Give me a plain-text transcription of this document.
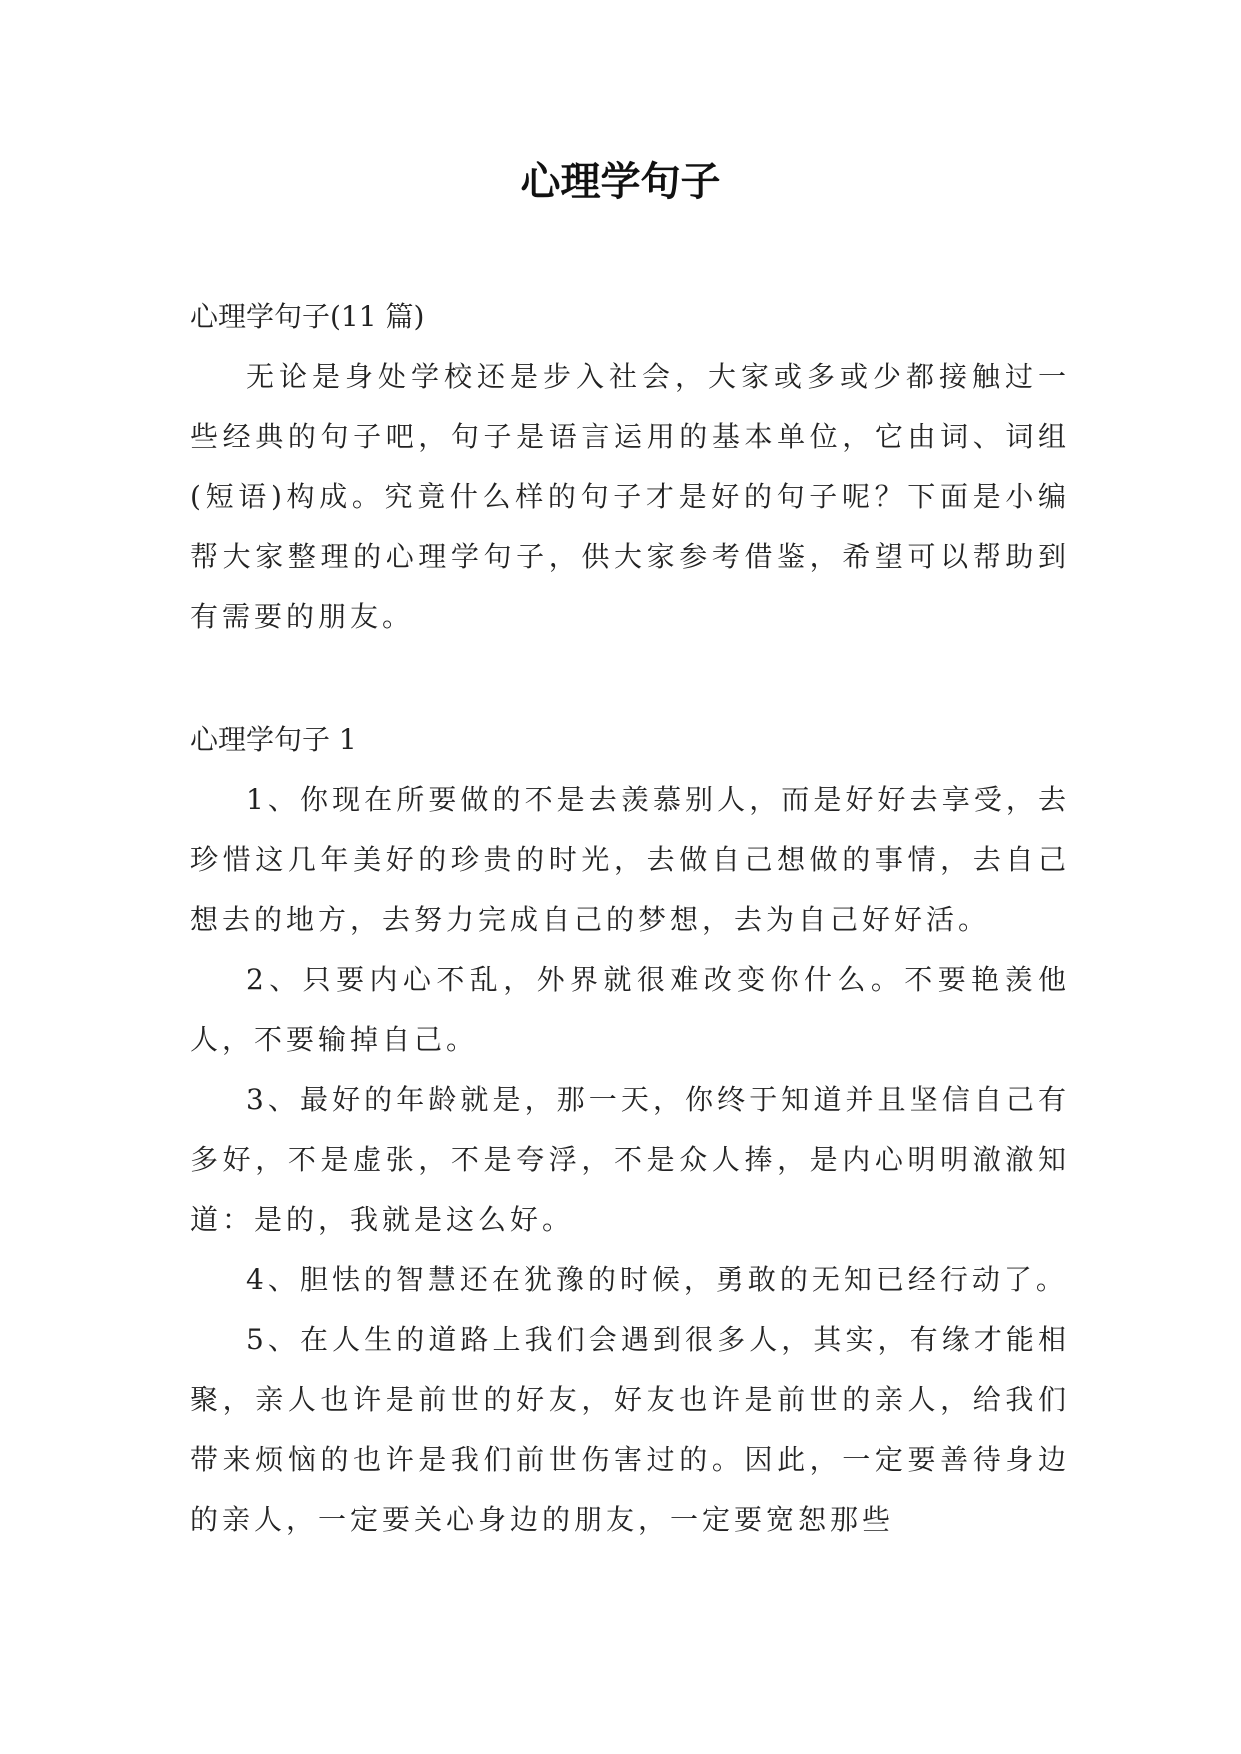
心理学句子

心理学句子(11 篇)

无论是身处学校还是步入社会，大家或多或少都接触过一些经典的句子吧，句子是语言运用的基本单位，它由词、词组(短语)构成。究竟什么样的句子才是好的句子呢？下面是小编帮大家整理的心理学句子，供大家参考借鉴，希望可以帮助到有需要的朋友。

心理学句子 1

1、你现在所要做的不是去羡慕别人，而是好好去享受，去珍惜这几年美好的珍贵的时光，去做自己想做的事情，去自己想去的地方，去努力完成自己的梦想，去为自己好好活。

2、只要内心不乱，外界就很难改变你什么。不要艳羡他人，不要输掉自己。

3、最好的年龄就是，那一天，你终于知道并且坚信自己有多好，不是虚张，不是夸浮，不是众人捧，是内心明明澈澈知道：是的，我就是这么好。

4、胆怯的智慧还在犹豫的时候，勇敢的无知已经行动了。

5、在人生的道路上我们会遇到很多人，其实，有缘才能相聚，亲人也许是前世的好友，好友也许是前世的亲人，给我们带来烦恼的也许是我们前世伤害过的。因此，一定要善待身边的亲人，一定要关心身边的朋友，一定要宽恕那些
